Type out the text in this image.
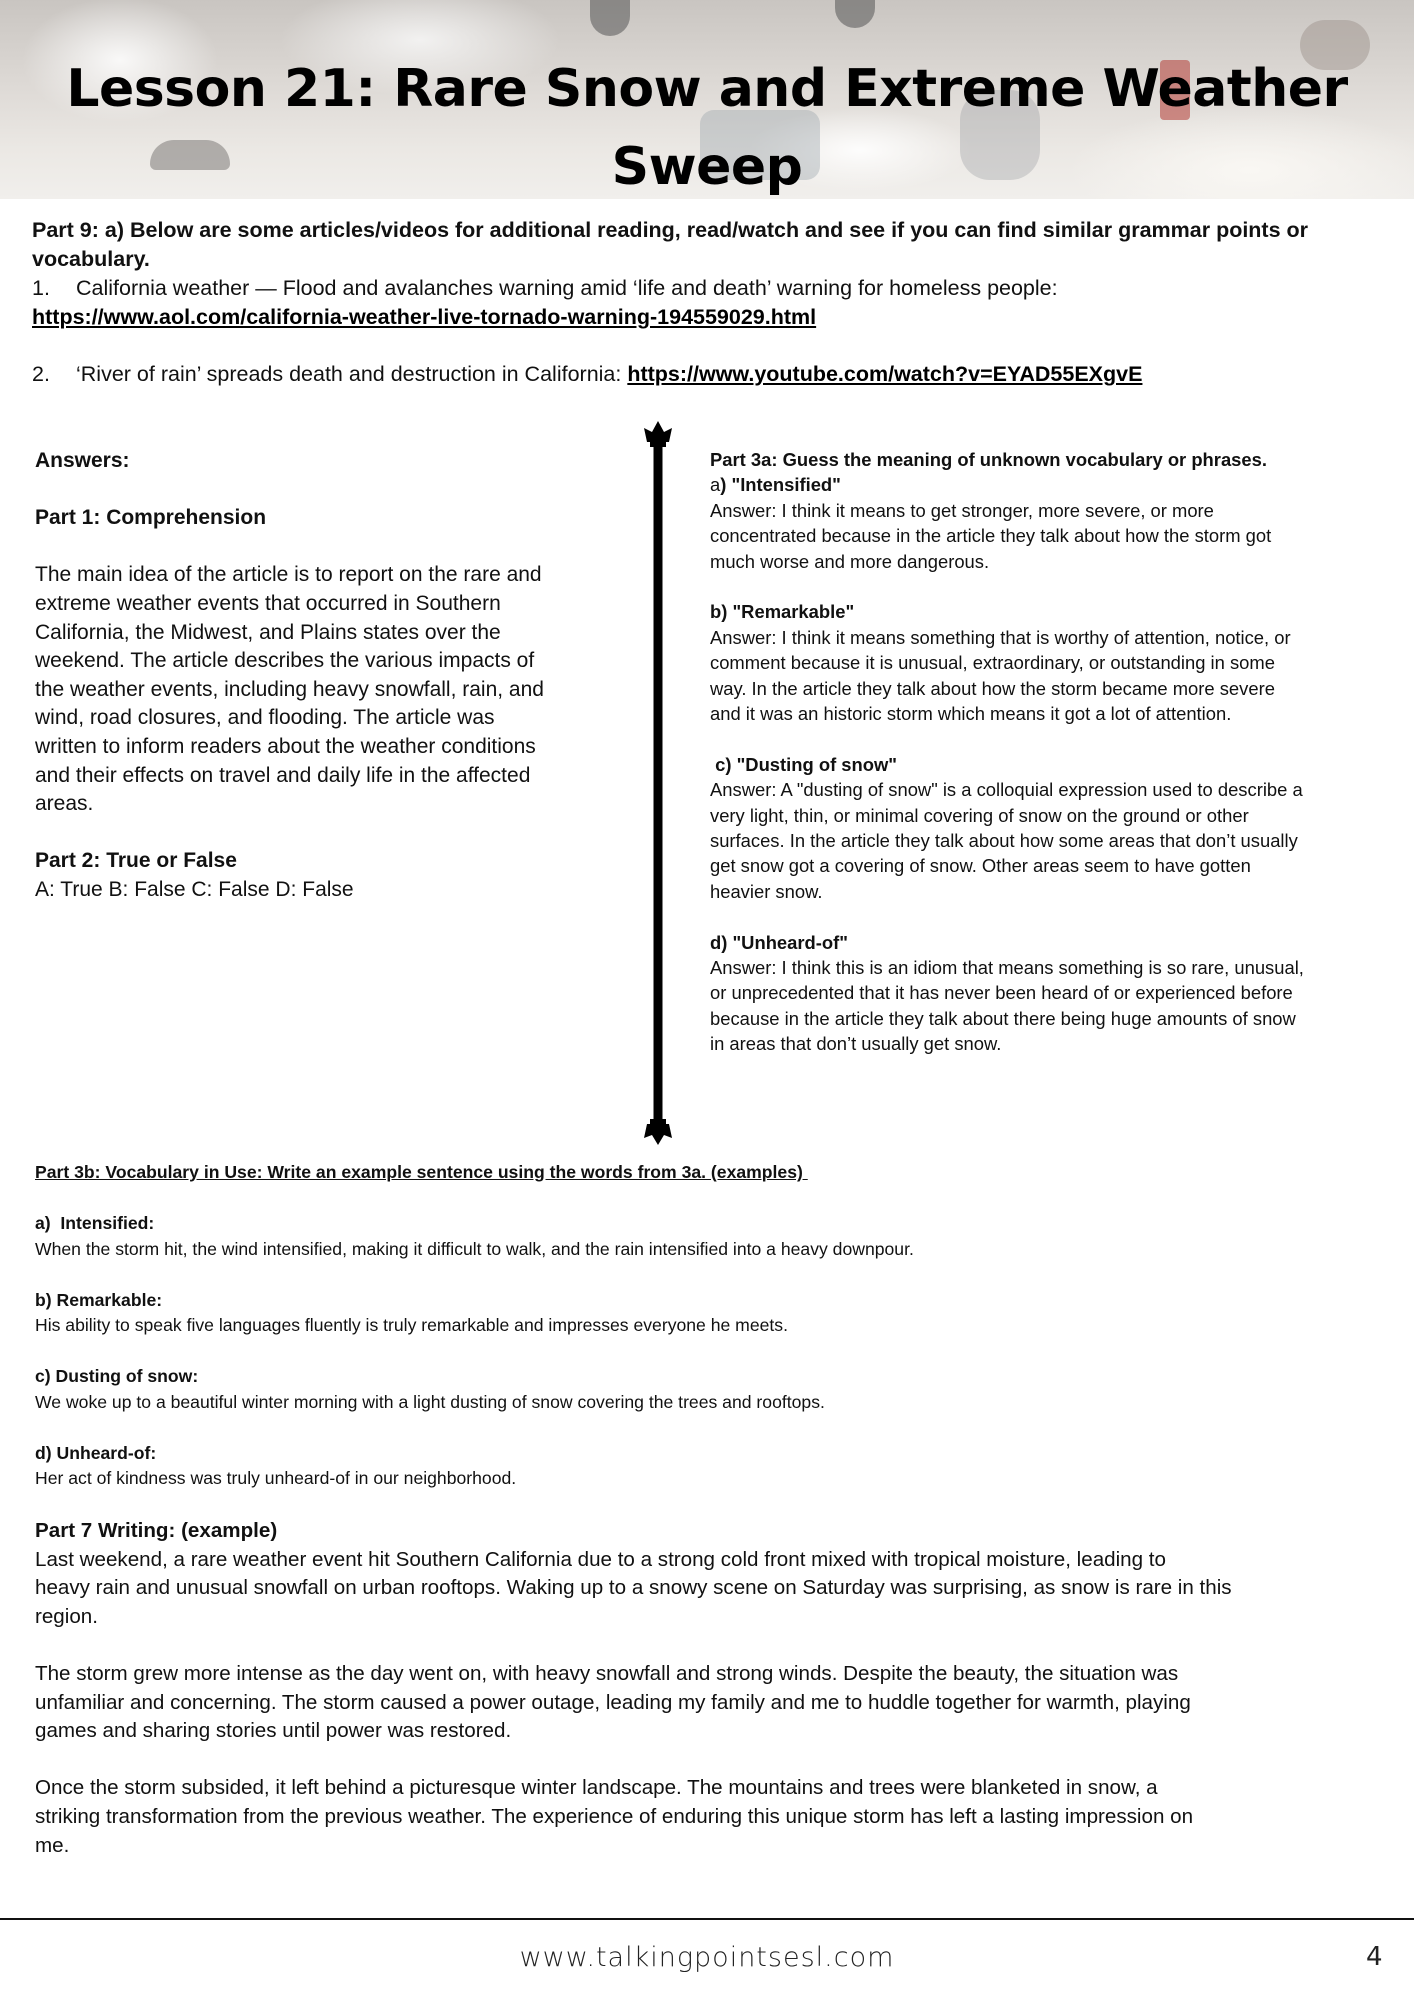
Lesson 21: Rare Snow and Extreme Weather Sweep
Part 9: a) Below are some articles/videos for additional reading, read/watch and see if you can find similar grammar points or
vocabulary.
1.	California weather — Flood and avalanches warning amid ‘life and death’ warning for homeless people:
https://www.aol.com/california-weather-live-tornado-warning-194559029.html
2.	‘River of rain’ spreads death and destruction in California: https://www.youtube.com/watch?v=EYAD55EXgvE
Answers:
Part 1: Comprehension
The main idea of the article is to report on the rare and
extreme weather events that occurred in Southern
California, the Midwest, and Plains states over the
weekend. The article describes the various impacts of
the weather events, including heavy snowfall, rain, and
wind, road closures, and flooding. The article was
written to inform readers about the weather conditions
and their effects on travel and daily life in the affected
areas.
Part 2: True or False
A: True B: False C: False D: False
Part 3a: Guess the meaning of unknown vocabulary or phrases.
a) "Intensified"
Answer: I think it means to get stronger, more severe, or more
concentrated because in the article they talk about how the storm got
much worse and more dangerous.
b) "Remarkable"
Answer: I think it means something that is worthy of attention, notice, or
comment because it is unusual, extraordinary, or outstanding in some
way. In the article they talk about how the storm became more severe
and it was an historic storm which means it got a lot of attention.
c) "Dusting of snow"
Answer: A "dusting of snow" is a colloquial expression used to describe a
very light, thin, or minimal covering of snow on the ground or other
surfaces. In the article they talk about how some areas that don’t usually
get snow got a covering of snow. Other areas seem to have gotten
heavier snow.
d) "Unheard-of"
Answer: I think this is an idiom that means something is so rare, unusual,
or unprecedented that it has never been heard of or experienced before
because in the article they talk about there being huge amounts of snow
in areas that don’t usually get snow.
Part 3b: Vocabulary in Use: Write an example sentence using the words from 3a. (examples)
a)  Intensified:
When the storm hit, the wind intensified, making it difficult to walk, and the rain intensified into a heavy downpour.
b) Remarkable:
His ability to speak five languages fluently is truly remarkable and impresses everyone he meets.
c) Dusting of snow:
We woke up to a beautiful winter morning with a light dusting of snow covering the trees and rooftops.
d) Unheard-of:
Her act of kindness was truly unheard-of in our neighborhood.
Part 7 Writing: (example)
Last weekend, a rare weather event hit Southern California due to a strong cold front mixed with tropical moisture, leading to
heavy rain and unusual snowfall on urban rooftops. Waking up to a snowy scene on Saturday was surprising, as snow is rare in this
region.
The storm grew more intense as the day went on, with heavy snowfall and strong winds. Despite the beauty, the situation was
unfamiliar and concerning. The storm caused a power outage, leading my family and me to huddle together for warmth, playing
games and sharing stories until power was restored.
Once the storm subsided, it left behind a picturesque winter landscape. The mountains and trees were blanketed in snow, a
striking transformation from the previous weather. The experience of enduring this unique storm has left a lasting impression on
me.
www.talkingpointsesl.com	4
